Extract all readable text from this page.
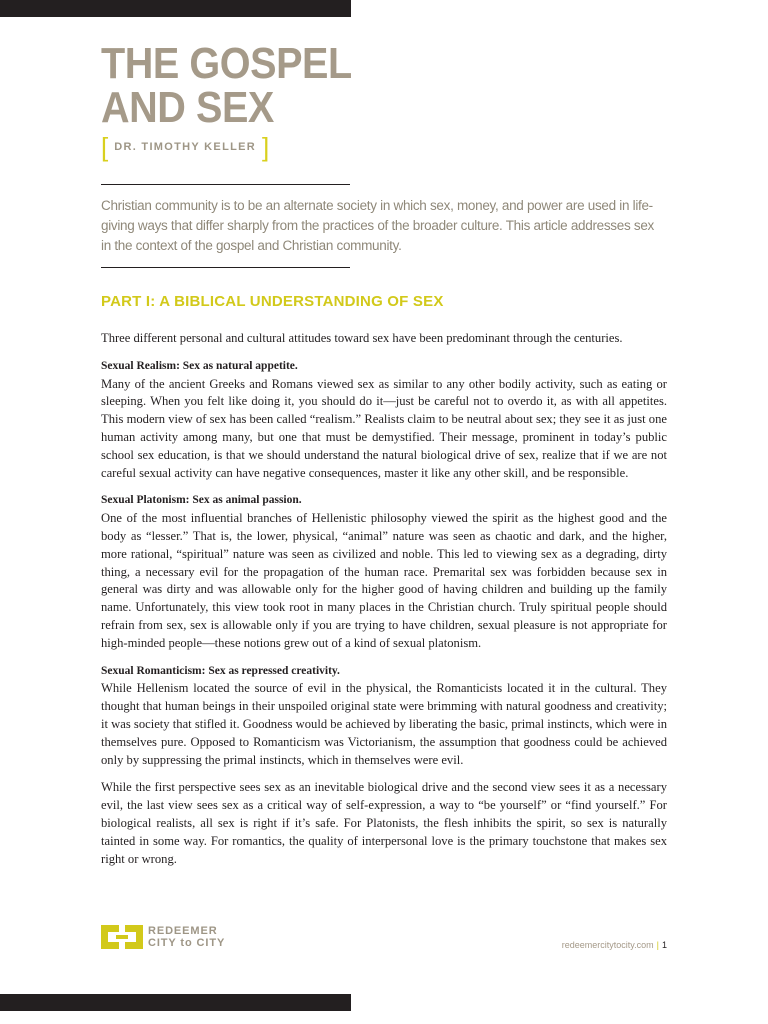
THE GOSPEL
AND SEX
[ DR. TIMOTHY KELLER ]

Christian community is to be an alternate society in which sex, money, and power are used in life-giving ways that differ sharply from the practices of the broader culture. This article addresses sex in the context of the gospel and Christian community.

PART I: A BIBLICAL UNDERSTANDING OF SEX

Three different personal and cultural attitudes toward sex have been predominant through the centuries.

Sexual Realism: Sex as natural appetite.
Many of the ancient Greeks and Romans viewed sex as similar to any other bodily activity, such as eating or sleeping. When you felt like doing it, you should do it—just be careful not to overdo it, as with all appetites. This modern view of sex has been called “realism.” Realists claim to be neutral about sex; they see it as just one human activity among many, but one that must be demystified. Their message, prominent in today’s public school sex education, is that we should understand the natural biological drive of sex, realize that if we are not careful sexual activity can have negative consequences, master it like any other skill, and be responsible.

Sexual Platonism: Sex as animal passion.
One of the most influential branches of Hellenistic philosophy viewed the spirit as the highest good and the body as “lesser.” That is, the lower, physical, “animal” nature was seen as chaotic and dark, and the higher, more rational, “spiritual” nature was seen as civilized and noble. This led to viewing sex as a degrading, dirty thing, a necessary evil for the propagation of the human race. Premarital sex was forbidden because sex in general was dirty and was allowable only for the higher good of having children and building up the family name. Unfortunately, this view took root in many places in the Christian church. Truly spiritual people should refrain from sex, sex is allowable only if you are trying to have children, sexual pleasure is not appropriate for high-minded people—these notions grew out of a kind of sexual platonism.

Sexual Romanticism: Sex as repressed creativity.
While Hellenism located the source of evil in the physical, the Romanticists located it in the cultural. They thought that human beings in their unspoiled original state were brimming with natural goodness and creativity; it was society that stifled it. Goodness would be achieved by liberating the basic, primal instincts, which were in themselves pure. Opposed to Romanticism was Victorianism, the assumption that goodness could be achieved only by suppressing the primal instincts, which in themselves were evil.

While the first perspective sees sex as an inevitable biological drive and the second view sees it as a necessary evil, the last view sees sex as a critical way of self-expression, a way to “be yourself” or “find yourself.” For biological realists, all sex is right if it’s safe. For Platonists, the flesh inhibits the spirit, so sex is naturally tainted in some way. For romantics, the quality of interpersonal love is the primary touchstone that makes sex right or wrong.

REDEEMER
CITY to CITY	redeemercitytocity.com | 1
